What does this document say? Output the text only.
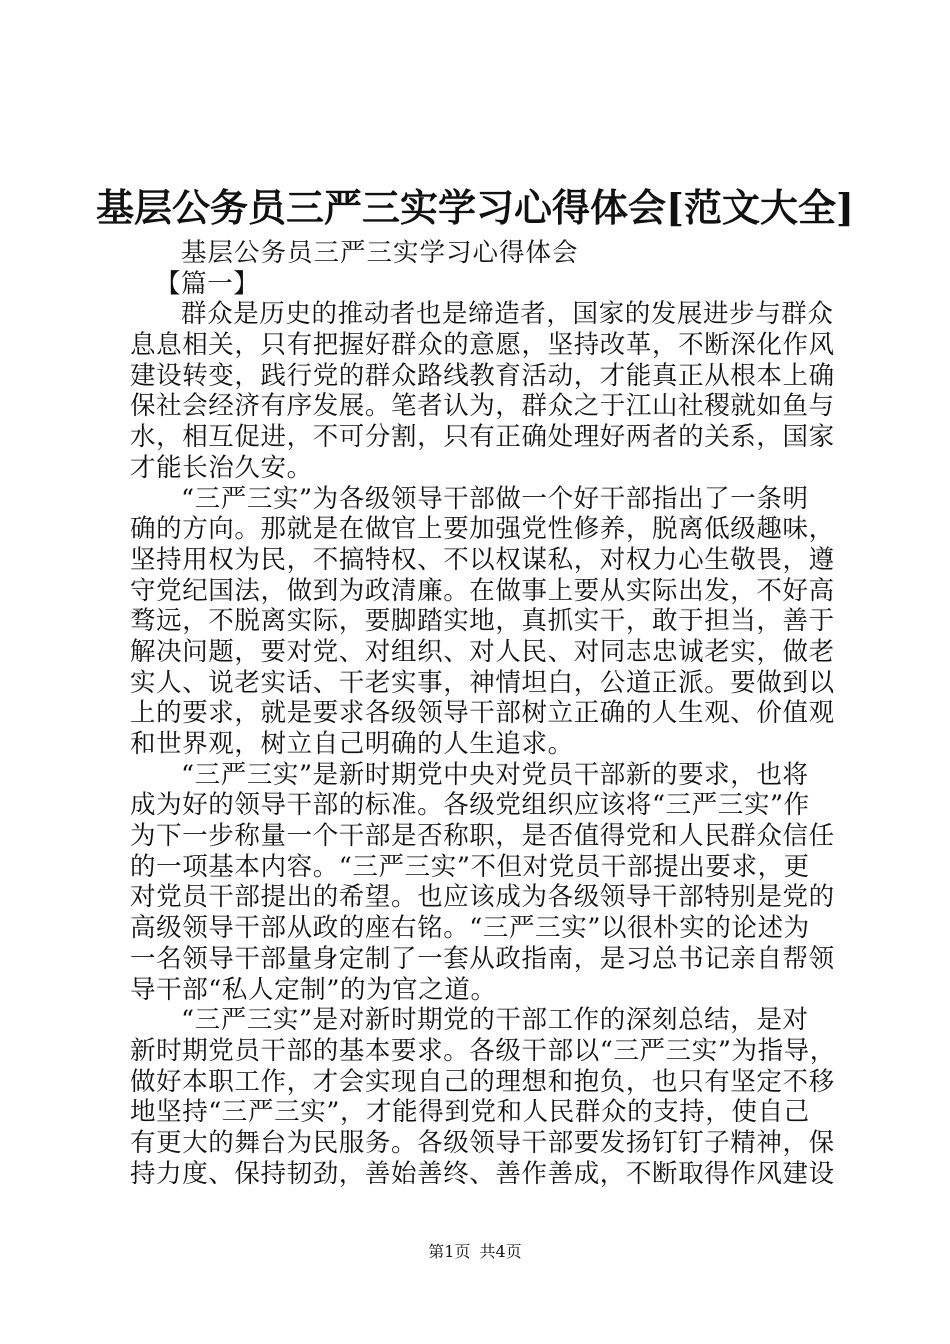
基层公务员三严三实学习心得体会[范文大全]
基层公务员三严三实学习心得体会
【篇一】
群众是历史的推动者也是缔造者，国家的发展进步与群众
息息相关，只有把握好群众的意愿，坚持改革，不断深化作风
建设转变，践行党的群众路线教育活动，才能真正从根本上确
保社会经济有序发展。笔者认为，群众之于江山社稷就如鱼与
水，相互促进，不可分割，只有正确处理好两者的关系，国家
才能长治久安。
“三严三实”为各级领导干部做一个好干部指出了一条明
确的方向。那就是在做官上要加强党性修养，脱离低级趣味，
坚持用权为民，不搞特权、不以权谋私，对权力心生敬畏，遵
守党纪国法，做到为政清廉。在做事上要从实际出发，不好高
骛远，不脱离实际，要脚踏实地，真抓实干，敢于担当，善于
解决问题，要对党、对组织、对人民、对同志忠诚老实，做老
实人、说老实话、干老实事，神情坦白，公道正派。要做到以
上的要求，就是要求各级领导干部树立正确的人生观、价值观
和世界观，树立自己明确的人生追求。
“三严三实”是新时期党中央对党员干部新的要求，也将
成为好的领导干部的标准。各级党组织应该将“三严三实”作
为下一步称量一个干部是否称职，是否值得党和人民群众信任
的一项基本内容。“三严三实”不但对党员干部提出要求，更
对党员干部提出的希望。也应该成为各级领导干部特别是党的
高级领导干部从政的座右铭。“三严三实”以很朴实的论述为
一名领导干部量身定制了一套从政指南，是习总书记亲自帮领
导干部“私人定制”的为官之道。
“三严三实”是对新时期党的干部工作的深刻总结，是对
新时期党员干部的基本要求。各级干部以“三严三实”为指导，
做好本职工作，才会实现自己的理想和抱负，也只有坚定不移
地坚持“三严三实”，才能得到党和人民群众的支持，使自己
有更大的舞台为民服务。各级领导干部要发扬钉钉子精神，保
持力度、保持韧劲，善始善终、善作善成，不断取得作风建设
第1页 共4页
